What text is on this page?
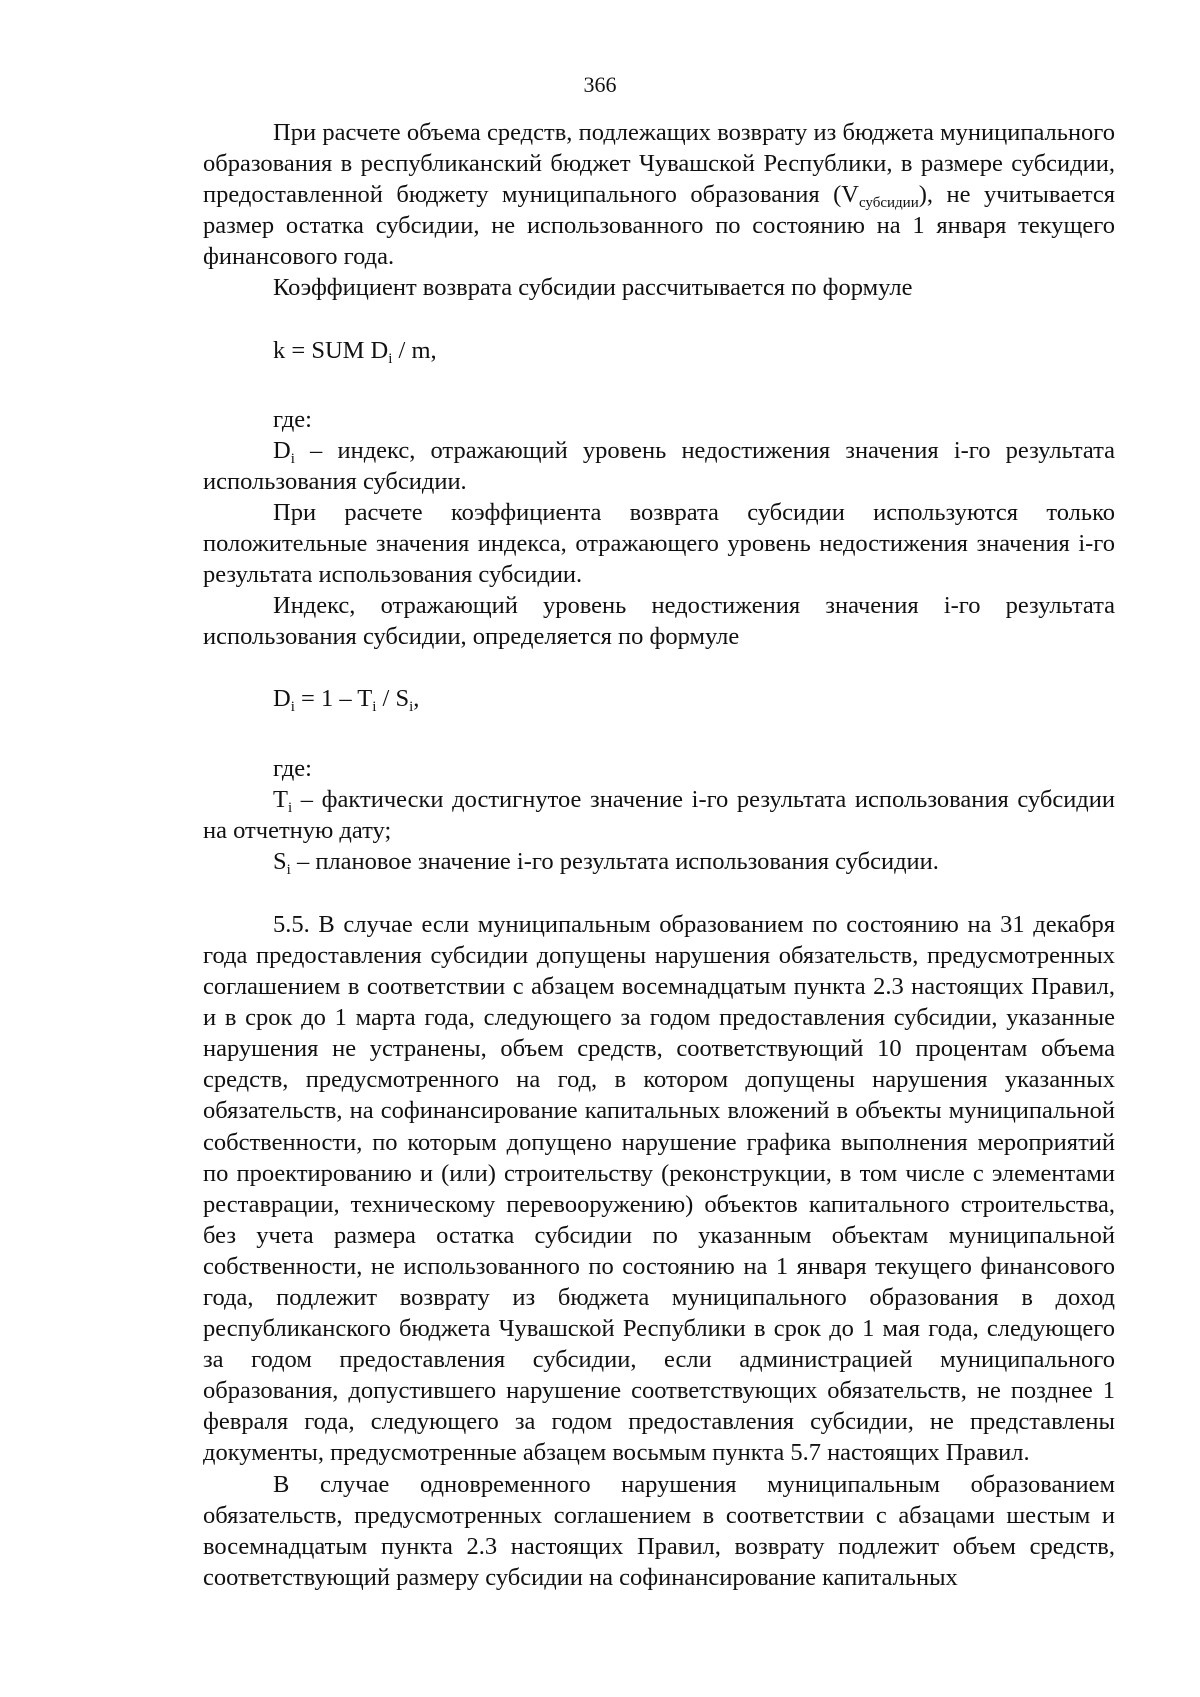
366

При расчете объема средств, подлежащих возврату из бюджета муниципального образования в республиканский бюджет Чувашской Республики, в размере субсидии, предоставленной бюджету муниципального образования $(V_{субсидии})$, не учитывается размер остатка субсидии, не использованного по состоянию на 1 января текущего финансового года.

Коэффициент возврата субсидии рассчитывается по формуле

k = SUM $D_i$ / m,

где:

$D_i$ – индекс, отражающий уровень недостижения значения i-го результата использования субсидии.

При расчете коэффициента возврата субсидии используются только положительные значения индекса, отражающего уровень недостижения значения i-го результата использования субсидии.

Индекс, отражающий уровень недостижения значения i-го результата использования субсидии, определяется по формуле

$D_i = 1 - T_i / S_i$,

где:

$T_i$ – фактически достигнутое значение i-го результата использования субсидии на отчетную дату;

$S_i$ – плановое значение i-го результата использования субсидии.

5.5. В случае если муниципальным образованием по состоянию на 31 декабря года предоставления субсидии допущены нарушения обязательств, предусмотренных соглашением в соответствии с абзацем восемнадцатым пункта 2.3 настоящих Правил, и в срок до 1 марта года, следующего за годом предоставления субсидии, указанные нарушения не устранены, объем средств, соответствующий 10 процентам объема средств, предусмотренного на год, в котором допущены нарушения указанных обязательств, на софинансирование капитальных вложений в объекты муниципальной собственности, по которым допущено нарушение графика выполнения мероприятий по проектированию и (или) строительству (реконструкции, в том числе с элементами реставрации, техническому перевооружению) объектов капитального строительства, без учета размера остатка субсидии по указанным объектам муниципальной собственности, не использованного по состоянию на 1 января текущего финансового года, подлежит возврату из бюджета муниципального образования в доход республиканского бюджета Чувашской Республики в срок до 1 мая года, следующего за годом предоставления субсидии, если администрацией муниципального образования, допустившего нарушение соответствующих обязательств, не позднее 1 февраля года, следующего за годом предоставления субсидии, не представлены документы, предусмотренные абзацем восьмым пункта 5.7 настоящих Правил.

В случае одновременного нарушения муниципальным образованием обязательств, предусмотренных соглашением в соответствии с абзацами шестым и восемнадцатым пункта 2.3 настоящих Правил, возврату подлежит объем средств, соответствующий размеру субсидии на софинансирование капитальных
